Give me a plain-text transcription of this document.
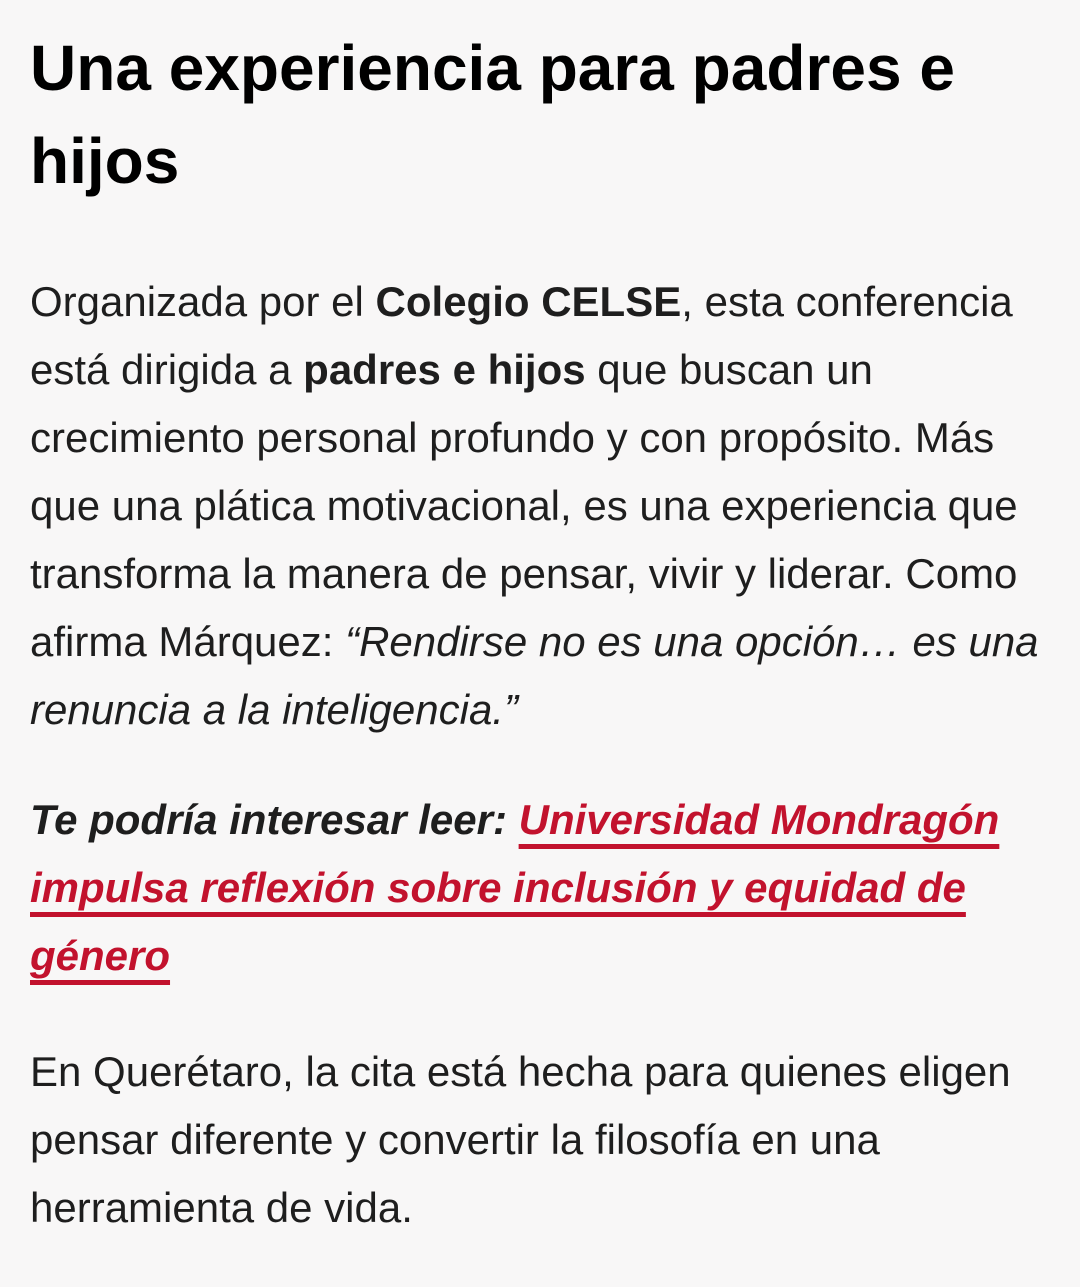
Una experiencia para padres e hijos

Organizada por el Colegio CELSE, esta conferencia está dirigida a padres e hijos que buscan un crecimiento personal profundo y con propósito. Más que una plática motivacional, es una experiencia que transforma la manera de pensar, vivir y liderar. Como afirma Márquez: “Rendirse no es una opción… es una renuncia a la inteligencia.”

Te podría interesar leer: Universidad Mondragón impulsa reflexión sobre inclusión y equidad de género

En Querétaro, la cita está hecha para quienes eligen pensar diferente y convertir la filosofía en una herramienta de vida.
